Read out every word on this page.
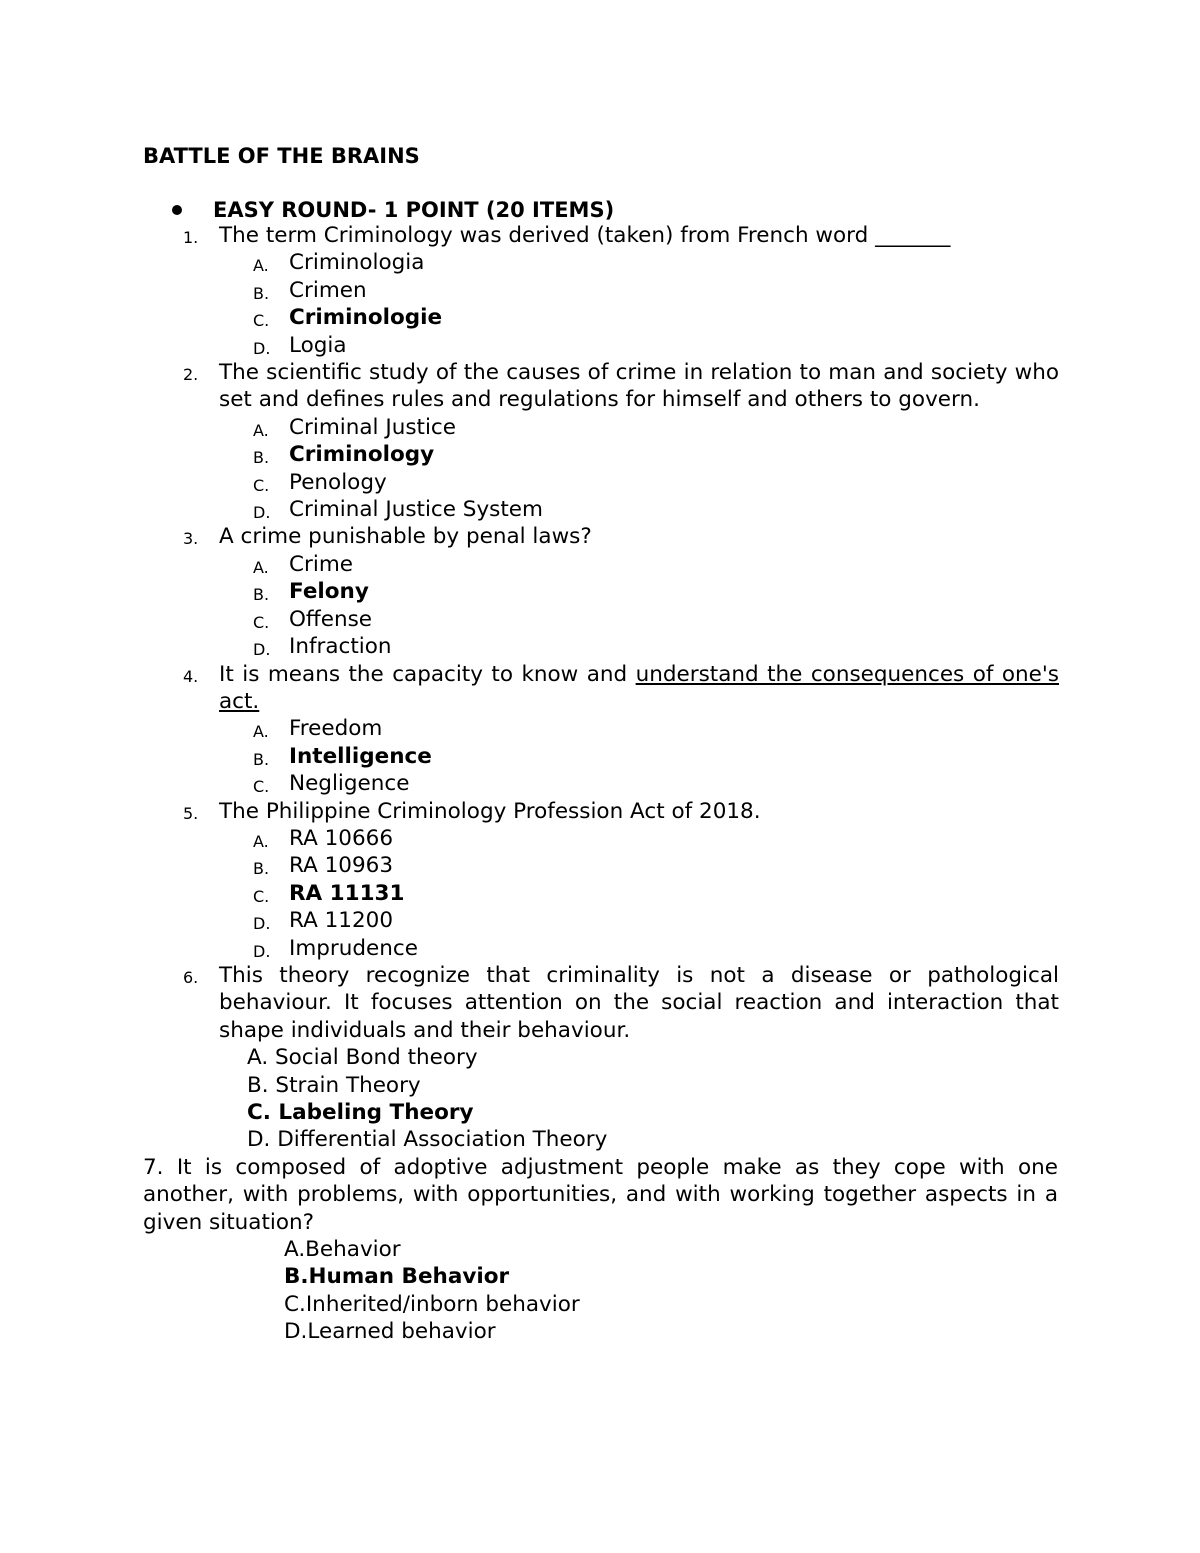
BATTLE OF THE BRAINS
EASY ROUND- 1 POINT (20 ITEMS)
1. The term Criminology was derived (taken) from French word _______
A. Criminologia
B. Crimen
C. Criminologie
D. Logia
2. The scientific study of the causes of crime in relation to man and society who set and defines rules and regulations for himself and others to govern.
A. Criminal Justice
B. Criminology
C. Penology
D. Criminal Justice System
3. A crime punishable by penal laws?
A. Crime
B. Felony
C. Offense
D. Infraction
4. It is means the capacity to know and understand the consequences of one's act.
A. Freedom
B. Intelligence
C. Negligence
5. The Philippine Criminology Profession Act of 2018.
A. RA 10666
B. RA 10963
C. RA 11131
D. RA 11200
D. Imprudence
6. This theory recognize that criminality is not a disease or pathological behaviour. It focuses attention on the social reaction and interaction that shape individuals and their behaviour.
A. Social Bond theory
B. Strain Theory
C. Labeling Theory
D. Differential Association Theory
7. It is composed of adoptive adjustment people make as they cope with one another, with problems, with opportunities, and with working together aspects in a given situation?
A.Behavior
B.Human Behavior
C.Inherited/inborn behavior
D.Learned behavior
